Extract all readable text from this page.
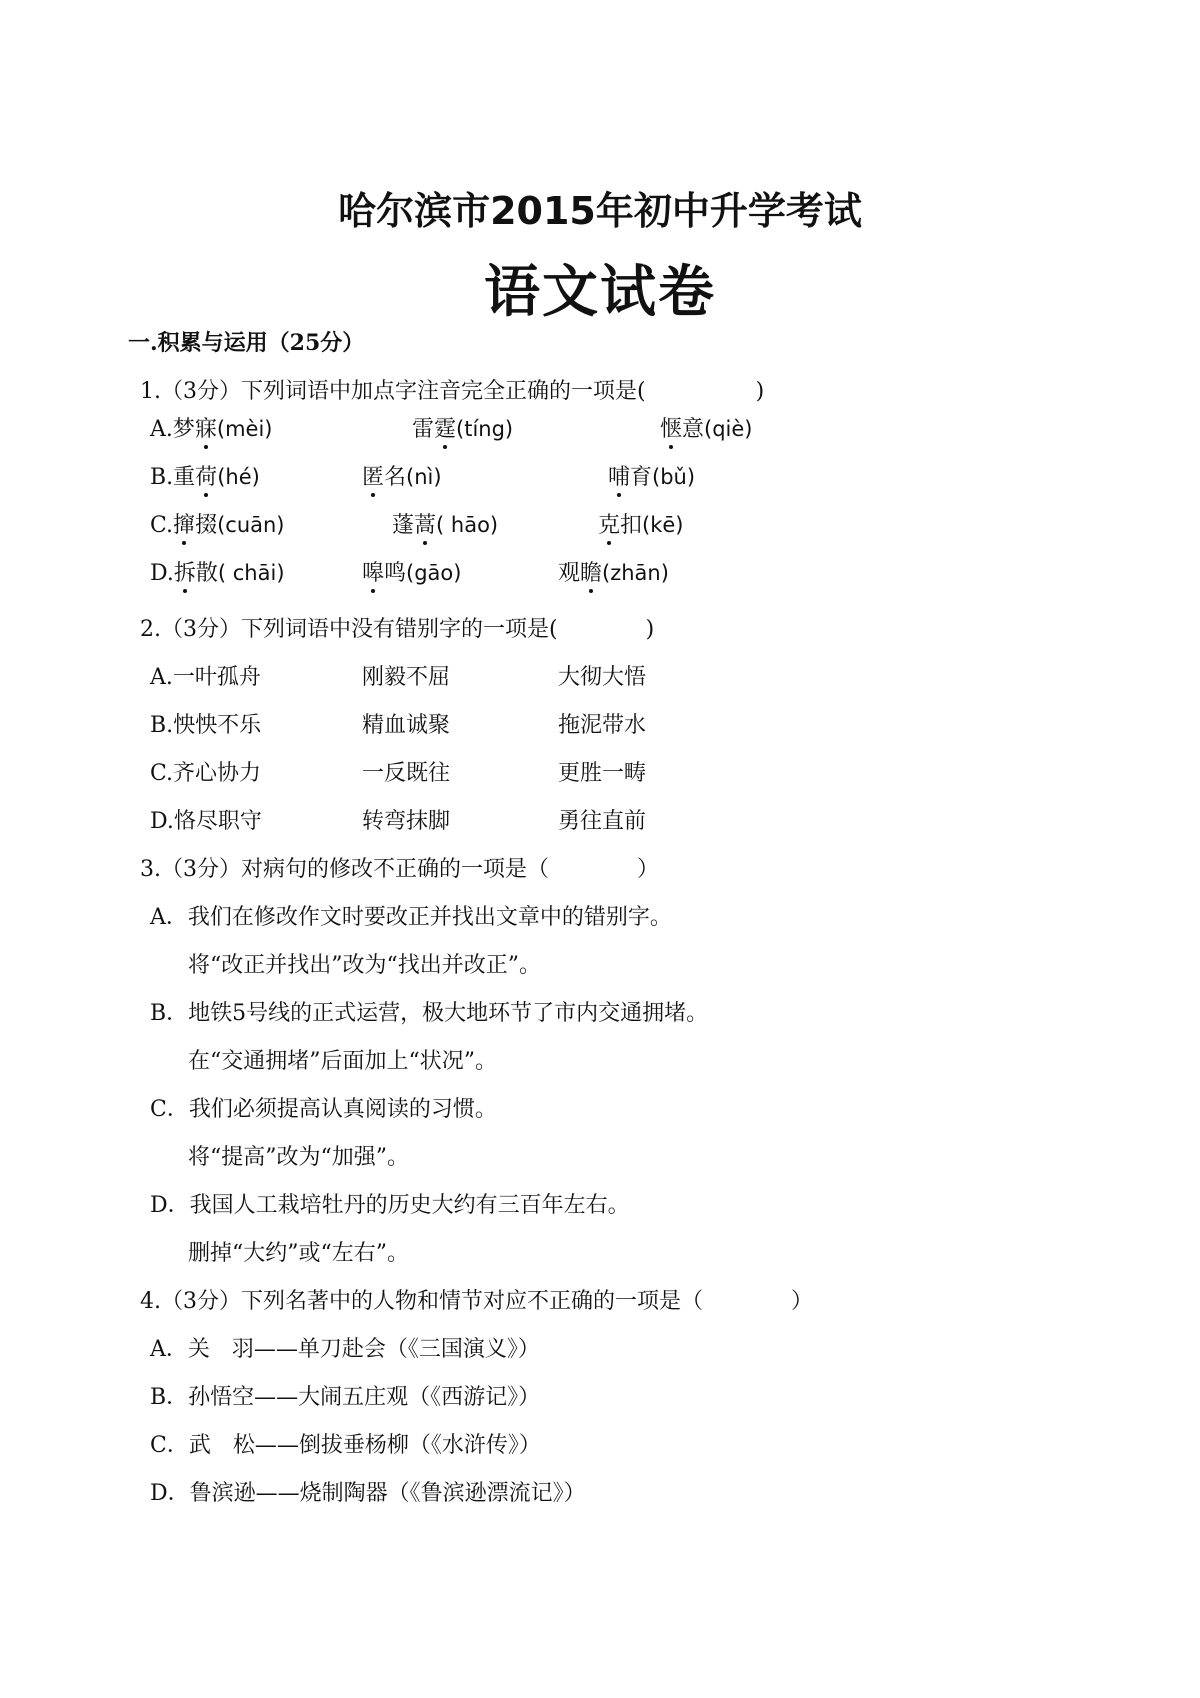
哈尔滨市2015年初中升学考试
语文试卷
一.积累与运用（25分）
1.（3分）下列词语中加点字注音完全正确的一项是(　　　　　)
A.梦寐(mèi)	雷霆(tíng)	惬意(qiè)
B.重荷(hé)	匿名(nì)	哺育(bǔ)
C.撺掇(cuān)	蓬蒿( hāo)	克扣(kē)
D.拆散( chāi)	嗥鸣(gāo)	观瞻(zhān)
2.（3分）下列词语中没有错别字的一项是(　　　　)
A.一叶孤舟	刚毅不屈	大彻大悟
B.怏怏不乐	精血诚聚	拖泥带水
C.齐心协力	一反既往	更胜一畴
D.恪尽职守	转弯抹脚	勇往直前
3.（3分）对病句的修改不正确的一项是（　　　　）
A．我们在修改作文时要改正并找出文章中的错别字。
将“改正并找出”改为“找出并改正”。
B．地铁5号线的正式运营，极大地环节了市内交通拥堵。
在“交通拥堵”后面加上“状况”。
C．我们必须提高认真阅读的习惯。
将“提高”改为“加强”。
D．我国人工栽培牡丹的历史大约有三百年左右。
删掉“大约”或“左右”。
4.（3分）下列名著中的人物和情节对应不正确的一项是（　　　　）
A．关　羽——单刀赴会（《三国演义》）
B．孙悟空——大闹五庄观（《西游记》）
C．武　松——倒拔垂杨柳（《水浒传》）
D．鲁滨逊——烧制陶器（《鲁滨逊漂流记》）
